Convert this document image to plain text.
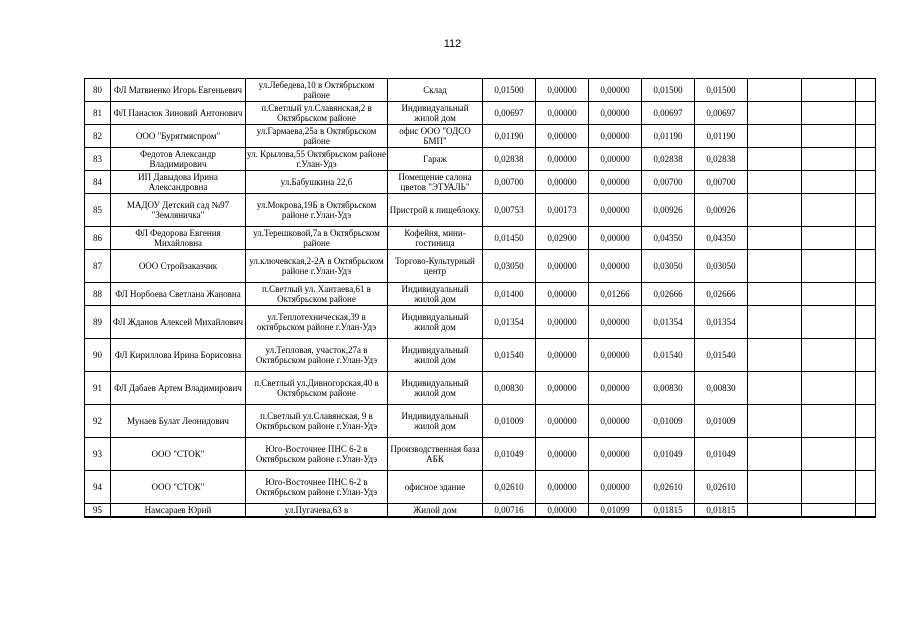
112
80	ФЛ Матвиенко Игорь Евгеньевич	ул.Лебедева,10 в Октябрьском районе	Склад	0,01500	0,00000	0,00000	0,01500	0,01500			
81	ФЛ Панасюк Зиновий Антонович	п.Светлый ул.Славянская,2 в Октябрьском районе	Индивидуальный жилой дом	0,00697	0,00000	0,00000	0,00697	0,00697			
82	ООО "Бурятмяспром"	ул.Гармаева,25а в Октябрьском районе	офис ООО "ОДСО БМП"	0,01190	0,00000	0,00000	0,01190	0,01190			
83	Федотов Александр Владимирович	ул. Крылова,55 Октябрьском районе г.Улан-Удэ	Гараж	0,02838	0,00000	0,00000	0,02838	0,02838			
84	ИП Давыдова Ирина Александровна	ул.Бабушкина 22,б	Помещение салона цветов "ЭТУАЛЬ"	0,00700	0,00000	0,00000	0,00700	0,00700			
85	МАДОУ Детский сад №97 "Земляничка"	ул.Мокрова,19Б в Октябрьском районе г.Улан-Удэ	Пристрой к пищеблоку.	0,00753	0,00173	0,00000	0,00926	0,00926			
86	ФЛ Федорова Евгения Михайловна	ул.Терешковой,7а в Октябрьском районе	Кофейня, мини-гостиница	0,01450	0,02900	0,00000	0,04350	0,04350			
87	ООО Стройзаказчик	ул.ключевская,2-2А в Октябрьском районе г.Улан-Удэ	Торгово-Культурный центр	0,03050	0,00000	0,00000	0,03050	0,03050			
88	ФЛ Норбоева Светлана Жановна	п.Светлый ул. Хантаева,61 в Октябрьском районе	Индивидуальный жилой дом	0,01400	0,00000	0,01266	0,02666	0,02666			
89	ФЛ Жданов Алексей Михайлович	ул.Теплотехническая,39 в октябрьском районе г.Улан-Удэ	Индивидуальный жилой дом	0,01354	0,00000	0,00000	0,01354	0,01354			
90	ФЛ Кириллова Ирина Борисовна	ул.Тепловая, участок,27а в Октябрьском районе г.Улан-Удэ	Индивидуальный жилой дом	0,01540	0,00000	0,00000	0,01540	0,01540			
91	ФЛ Дабаев Артем Владимирович	п.Светлый ул.Дивногорская,40 в Октябрьском районе	Индивидуальный жилой дом	0,00830	0,00000	0,00000	0,00830	0,00830			
92	Мунаев Булат Леонидович	п.Светлый ул.Славянская, 9 в Октябрьском районе г.Улан-Удэ	Индивидуальный жилой дом	0,01009	0,00000	0,00000	0,01009	0,01009			
93	ООО "СТОК"	Юго-Восточнее ПНС 6-2 в Октябрьском районе г.Улан-Удэ	Производственная база АБК	0,01049	0,00000	0,00000	0,01049	0,01049			
94	ООО "СТОК"	Юго-Восточнее ПНС 6-2 в Октябрьском районе г.Улан-Удэ	офисное здание	0,02610	0,00000	0,00000	0,02610	0,02610			
95	Намсараев Юрий	ул.Пугачева,63 в	Жилой дом	0,00716	0,00000	0,01099	0,01815	0,01815			
